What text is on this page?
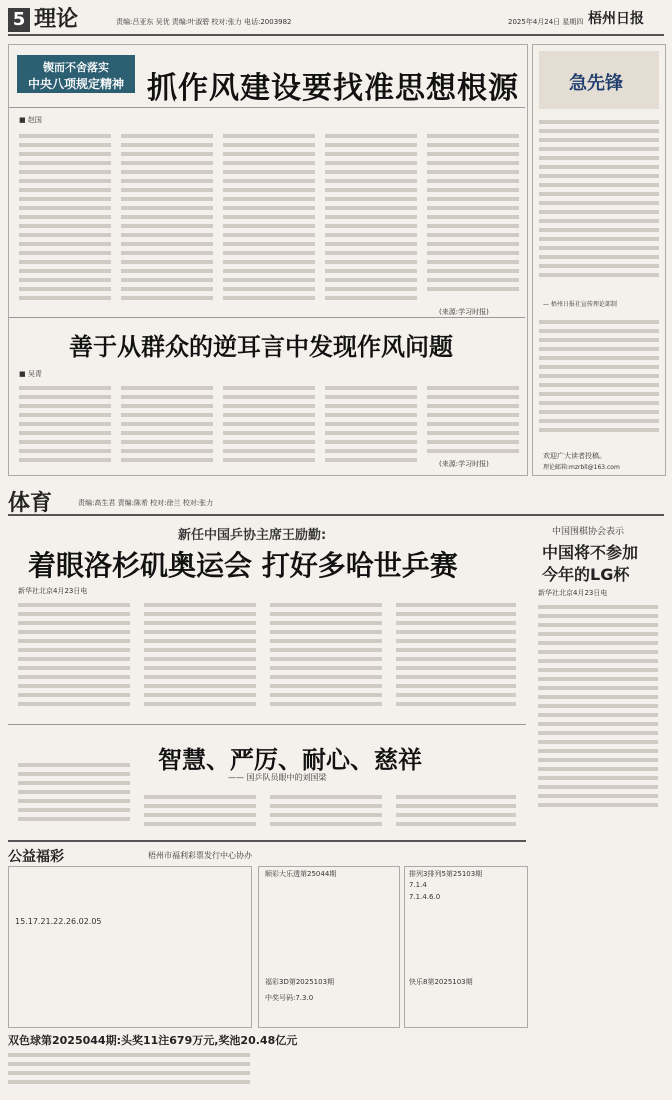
5 理论	责编:吕亚东 吴优 责编:叶淑碧 校对:张力 电话:2003982	2025年4月24日 星期四 梧州日报
锲而不舍落实
中央八项规定精神 抓作风建设要找准思想根源
■ 赵国
(来源:学习时报)
善于从群众的逆耳言中发现作风问题
■ 吴青
(来源:学习时报)
急先锋
— 梧州日报社宣传理论部制
欢迎广大读者投稿。
理论邮箱:mzrbll@163.com
体育	责编:高生君 责编:陈希 校对:徐兰 校对:张力
新任中国乒协主席王励勤:
着眼洛杉矶奥运会 打好多哈世乒赛
新华社北京4月23日电
智慧、严厉、耐心、慈祥
—— 国乒队员眼中的刘国梁
中国围棋协会表示
中国将不参加
今年的LG杯
新华社北京4月23日电
公益福彩	梧州市福利彩票发行中心协办
15.17.21.22.26.02.05
顺彩大乐透第25044期
福彩3D第2025103期
中奖号码:7.3.0
排列3排列5第25103期
7.1.4
7.1.4.6.0
快乐8第2025103期
双色球第2025044期:头奖11注679万元,奖池20.48亿元
